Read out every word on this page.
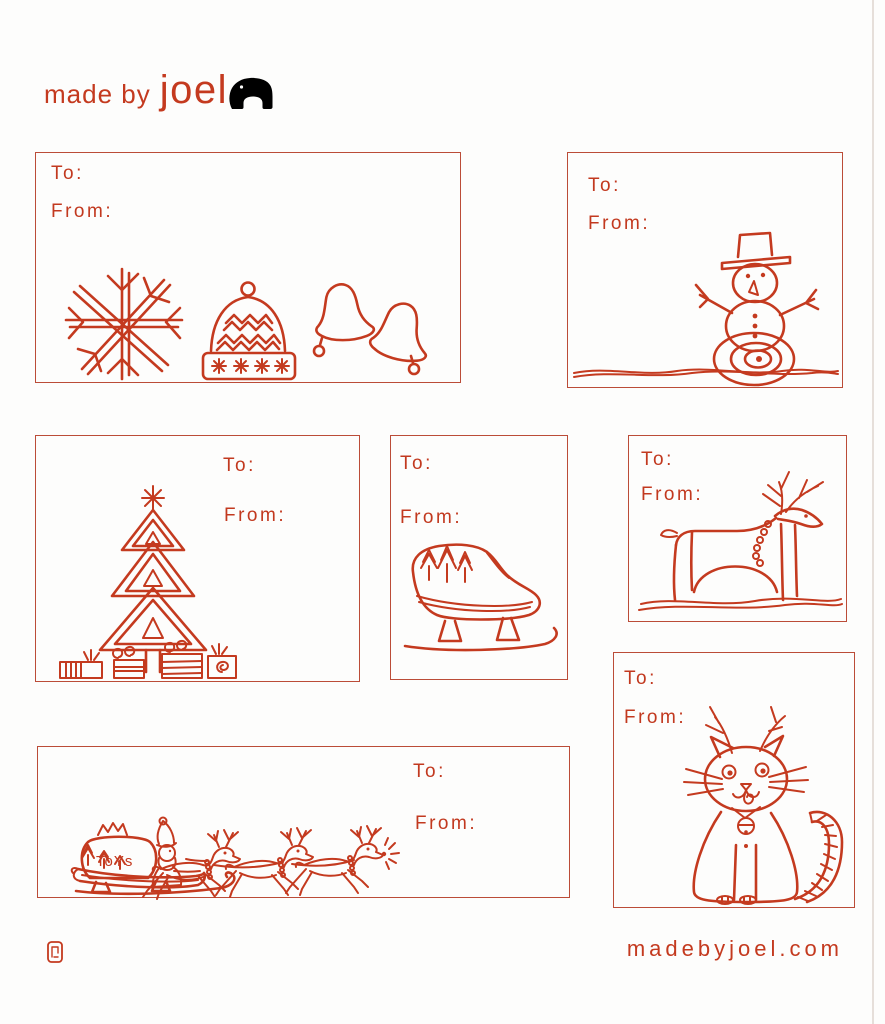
made by joel
To:
From:
To:
From:
To:
From:
To:
From:
To:
From:
To:
From:
To:
From:
ToYs
madebyjoel.com
